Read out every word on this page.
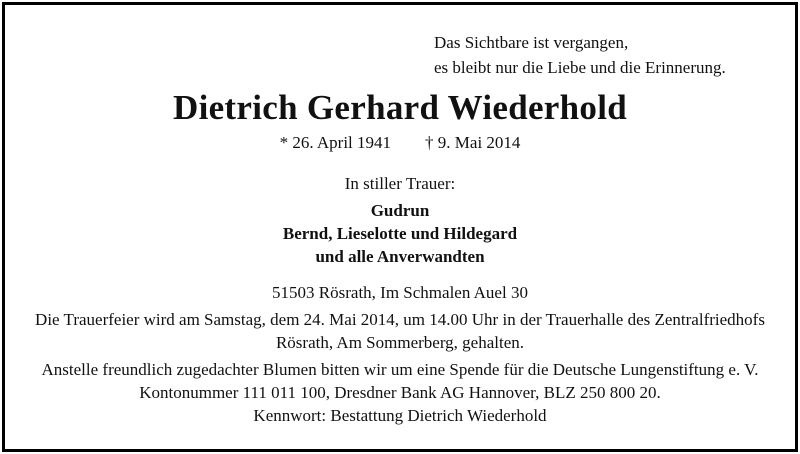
Das Sichtbare ist vergangen,
es bleibt nur die Liebe und die Erinnerung.
Dietrich Gerhard Wiederhold
* 26. April 1941 † 9. Mai 2014
In stiller Trauer:
Gudrun
Bernd, Lieselotte und Hildegard
und alle Anverwandten
51503 Rösrath, Im Schmalen Auel 30
Die Trauerfeier wird am Samstag, dem 24. Mai 2014, um 14.00 Uhr in der Trauerhalle des Zentralfriedhofs
Rösrath, Am Sommerberg, gehalten.
Anstelle freundlich zugedachter Blumen bitten wir um eine Spende für die Deutsche Lungenstiftung e. V.
Kontonummer 111 011 100, Dresdner Bank AG Hannover, BLZ 250 800 20.
Kennwort: Bestattung Dietrich Wiederhold
